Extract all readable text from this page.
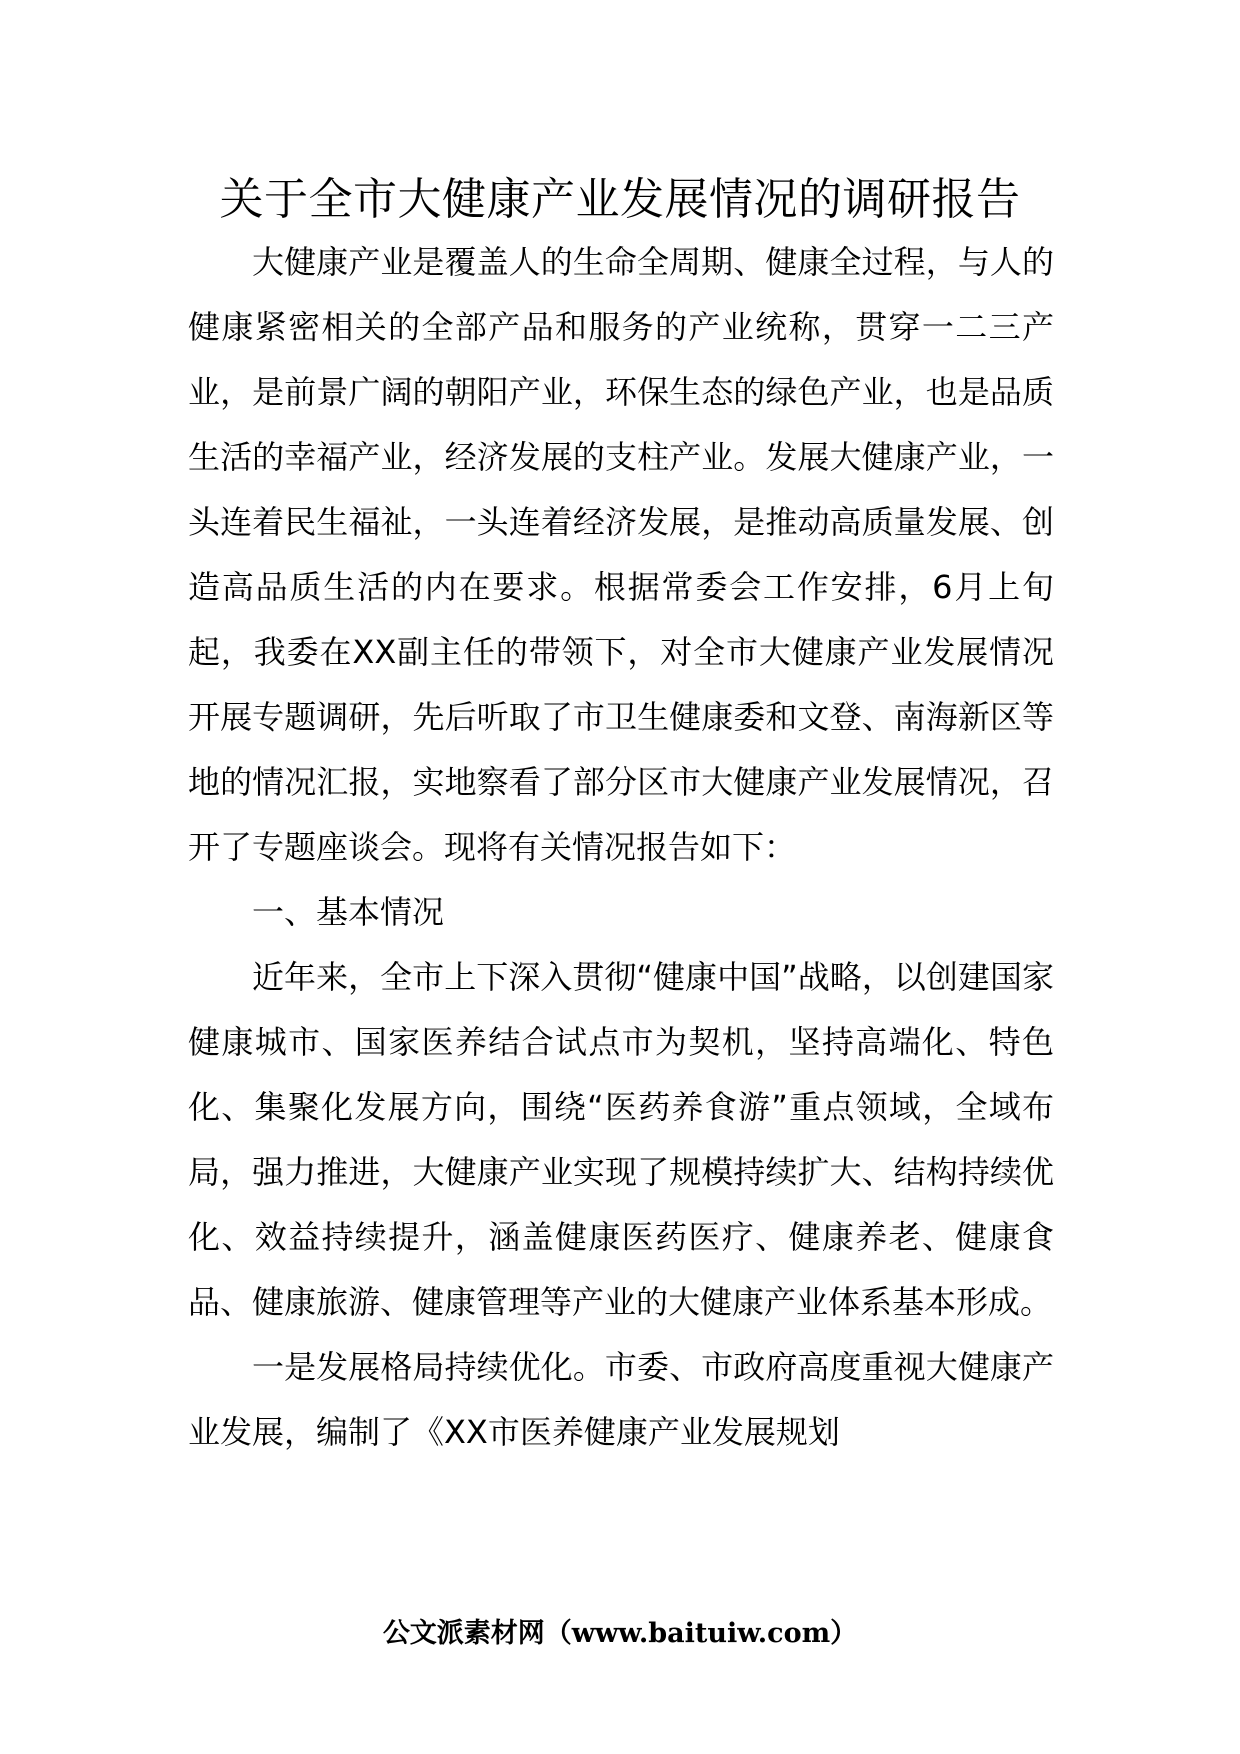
关于全市大健康产业发展情况的调研报告

大健康产业是覆盖人的生命全周期、健康全过程，与人的健康紧密相关的全部产品和服务的产业统称，贯穿一二三产业，是前景广阔的朝阳产业，环保生态的绿色产业，也是品质生活的幸福产业，经济发展的支柱产业。发展大健康产业，一头连着民生福祉，一头连着经济发展，是推动高质量发展、创造高品质生活的内在要求。根据常委会工作安排，6月上旬起，我委在XX副主任的带领下，对全市大健康产业发展情况开展专题调研，先后听取了市卫生健康委和文登、南海新区等地的情况汇报，实地察看了部分区市大健康产业发展情况，召开了专题座谈会。现将有关情况报告如下：

一、基本情况

近年来，全市上下深入贯彻“健康中国”战略，以创建国家健康城市、国家医养结合试点市为契机，坚持高端化、特色化、集聚化发展方向，围绕“医药养食游”重点领域，全域布局，强力推进，大健康产业实现了规模持续扩大、结构持续优化、效益持续提升，涵盖健康医药医疗、健康养老、健康食品、健康旅游、健康管理等产业的大健康产业体系基本形成。

一是发展格局持续优化。市委、市政府高度重视大健康产业发展，编制了《XX市医养健康产业发展规划

公文派素材网（www.baituiw.com）
